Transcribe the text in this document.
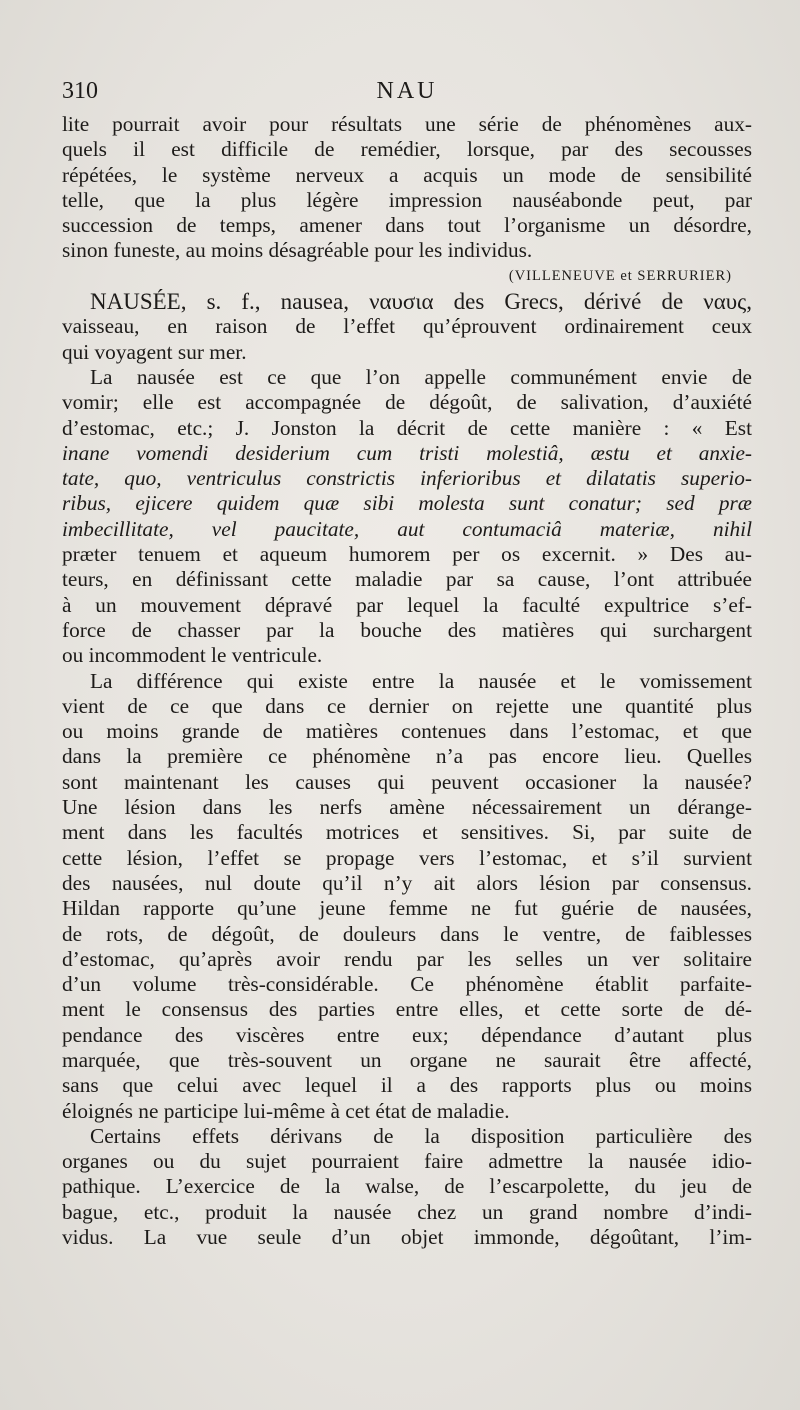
310	NAU

lite pourrait avoir pour résultats une série de phénomènes aux-
quels il est difficile de remédier, lorsque, par des secousses
répétées, le système nerveux a acquis un mode de sensibilité
telle, que la plus légère impression nauséabonde peut, par
succession de temps, amener dans tout l’organisme un désordre,
sinon funeste, au moins désagréable pour les individus.
(VILLENEUVE et SERRURIER)

NAUSÉE, s. f., nausea, ναυσια des Grecs, dérivé de ναυς,
vaisseau, en raison de l’effet qu’éprouvent ordinairement ceux
qui voyagent sur mer.

La nausée est ce que l’on appelle communément envie de
vomir; elle est accompagnée de dégoût, de salivation, d’auxiété
d’estomac, etc.; J. Jonston la décrit de cette manière : « Est
inane vomendi desiderium cum tristi molestiâ, æstu et anxie-
tate, quo, ventriculus constrictis inferioribus et dilatatis superio-
ribus, ejicere quidem quæ sibi molesta sunt conatur; sed præ
imbecillitate, vel paucitate, aut contumaciâ materiæ, nihil
præter tenuem et aqueum humorem per os excernit. » Des au-
teurs, en définissant cette maladie par sa cause, l’ont attribuée
à un mouvement dépravé par lequel la faculté expultrice s’ef-
force de chasser par la bouche des matières qui surchargent
ou incommodent le ventricule.

La différence qui existe entre la nausée et le vomissement
vient de ce que dans ce dernier on rejette une quantité plus
ou moins grande de matières contenues dans l’estomac, et que
dans la première ce phénomène n’a pas encore lieu. Quelles
sont maintenant les causes qui peuvent occasioner la nausée?
Une lésion dans les nerfs amène nécessairement un dérange-
ment dans les facultés motrices et sensitives. Si, par suite de
cette lésion, l’effet se propage vers l’estomac, et s’il survient
des nausées, nul doute qu’il n’y ait alors lésion par consensus.
Hildan rapporte qu’une jeune femme ne fut guérie de nausées,
de rots, de dégoût, de douleurs dans le ventre, de faiblesses
d’estomac, qu’après avoir rendu par les selles un ver solitaire
d’un volume très-considérable. Ce phénomène établit parfaite-
ment le consensus des parties entre elles, et cette sorte de dé-
pendance des viscères entre eux; dépendance d’autant plus
marquée, que très-souvent un organe ne saurait être affecté,
sans que celui avec lequel il a des rapports plus ou moins
éloignés ne participe lui-même à cet état de maladie.

Certains effets dérivans de la disposition particulière des
organes ou du sujet pourraient faire admettre la nausée idio-
pathique. L’exercice de la walse, de l’escarpolette, du jeu de
bague, etc., produit la nausée chez un grand nombre d’indi-
vidus. La vue seule d’un objet immonde, dégoûtant, l’im-
